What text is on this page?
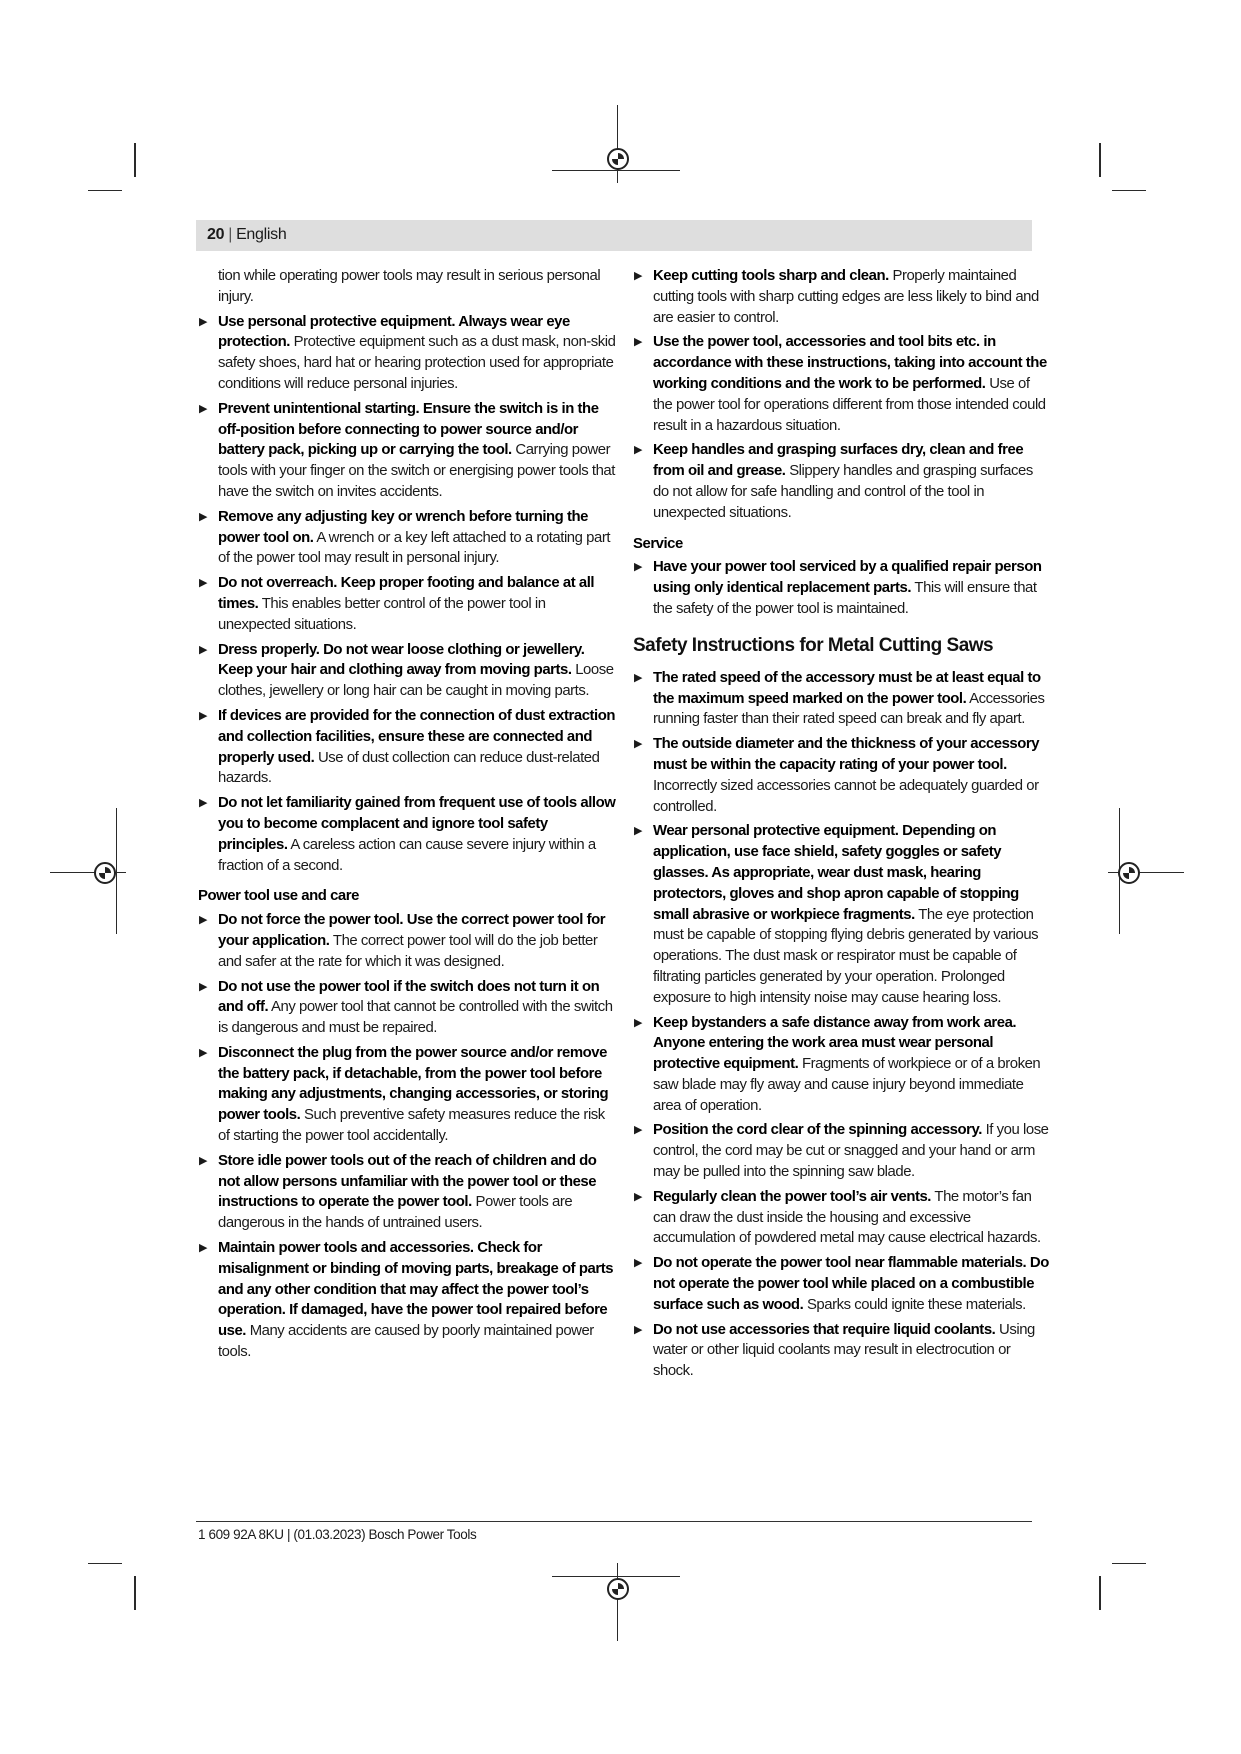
20 | English
tion while operating power tools may result in serious personal injury.
▶ Use personal protective equipment. Always wear eye protection. Protective equipment such as a dust mask, non-skid safety shoes, hard hat or hearing protection used for appropriate conditions will reduce personal injuries.
▶ Prevent unintentional starting. Ensure the switch is in the off-position before connecting to power source and/or battery pack, picking up or carrying the tool. Carrying power tools with your finger on the switch or energising power tools that have the switch on invites accidents.
▶ Remove any adjusting key or wrench before turning the power tool on. A wrench or a key left attached to a rotating part of the power tool may result in personal injury.
▶ Do not overreach. Keep proper footing and balance at all times. This enables better control of the power tool in unexpected situations.
▶ Dress properly. Do not wear loose clothing or jewellery. Keep your hair and clothing away from moving parts. Loose clothes, jewellery or long hair can be caught in moving parts.
▶ If devices are provided for the connection of dust extraction and collection facilities, ensure these are connected and properly used. Use of dust collection can reduce dust-related hazards.
▶ Do not let familiarity gained from frequent use of tools allow you to become complacent and ignore tool safety principles. A careless action can cause severe injury within a fraction of a second.
Power tool use and care
▶ Do not force the power tool. Use the correct power tool for your application. The correct power tool will do the job better and safer at the rate for which it was designed.
▶ Do not use the power tool if the switch does not turn it on and off. Any power tool that cannot be controlled with the switch is dangerous and must be repaired.
▶ Disconnect the plug from the power source and/or remove the battery pack, if detachable, from the power tool before making any adjustments, changing accessories, or storing power tools. Such preventive safety measures reduce the risk of starting the power tool accidentally.
▶ Store idle power tools out of the reach of children and do not allow persons unfamiliar with the power tool or these instructions to operate the power tool. Power tools are dangerous in the hands of untrained users.
▶ Maintain power tools and accessories. Check for misalignment or binding of moving parts, breakage of parts and any other condition that may affect the power tool’s operation. If damaged, have the power tool repaired before use. Many accidents are caused by poorly maintained power tools.
▶ Keep cutting tools sharp and clean. Properly maintained cutting tools with sharp cutting edges are less likely to bind and are easier to control.
▶ Use the power tool, accessories and tool bits etc. in accordance with these instructions, taking into account the working conditions and the work to be performed. Use of the power tool for operations different from those intended could result in a hazardous situation.
▶ Keep handles and grasping surfaces dry, clean and free from oil and grease. Slippery handles and grasping surfaces do not allow for safe handling and control of the tool in unexpected situations.
Service
▶ Have your power tool serviced by a qualified repair person using only identical replacement parts. This will ensure that the safety of the power tool is maintained.
Safety Instructions for Metal Cutting Saws
▶ The rated speed of the accessory must be at least equal to the maximum speed marked on the power tool. Accessories running faster than their rated speed can break and fly apart.
▶ The outside diameter and the thickness of your accessory must be within the capacity rating of your power tool. Incorrectly sized accessories cannot be adequately guarded or controlled.
▶ Wear personal protective equipment. Depending on application, use face shield, safety goggles or safety glasses. As appropriate, wear dust mask, hearing protectors, gloves and shop apron capable of stopping small abrasive or workpiece fragments. The eye protection must be capable of stopping flying debris generated by various operations. The dust mask or respirator must be capable of filtrating particles generated by your operation. Prolonged exposure to high intensity noise may cause hearing loss.
▶ Keep bystanders a safe distance away from work area. Anyone entering the work area must wear personal protective equipment. Fragments of workpiece or of a broken saw blade may fly away and cause injury beyond immediate area of operation.
▶ Position the cord clear of the spinning accessory. If you lose control, the cord may be cut or snagged and your hand or arm may be pulled into the spinning saw blade.
▶ Regularly clean the power tool’s air vents. The motor’s fan can draw the dust inside the housing and excessive accumulation of powdered metal may cause electrical hazards.
▶ Do not operate the power tool near flammable materials. Do not operate the power tool while placed on a combustible surface such as wood. Sparks could ignite these materials.
▶ Do not use accessories that require liquid coolants. Using water or other liquid coolants may result in electrocution or shock.
1 609 92A 8KU | (01.03.2023) Bosch Power Tools
